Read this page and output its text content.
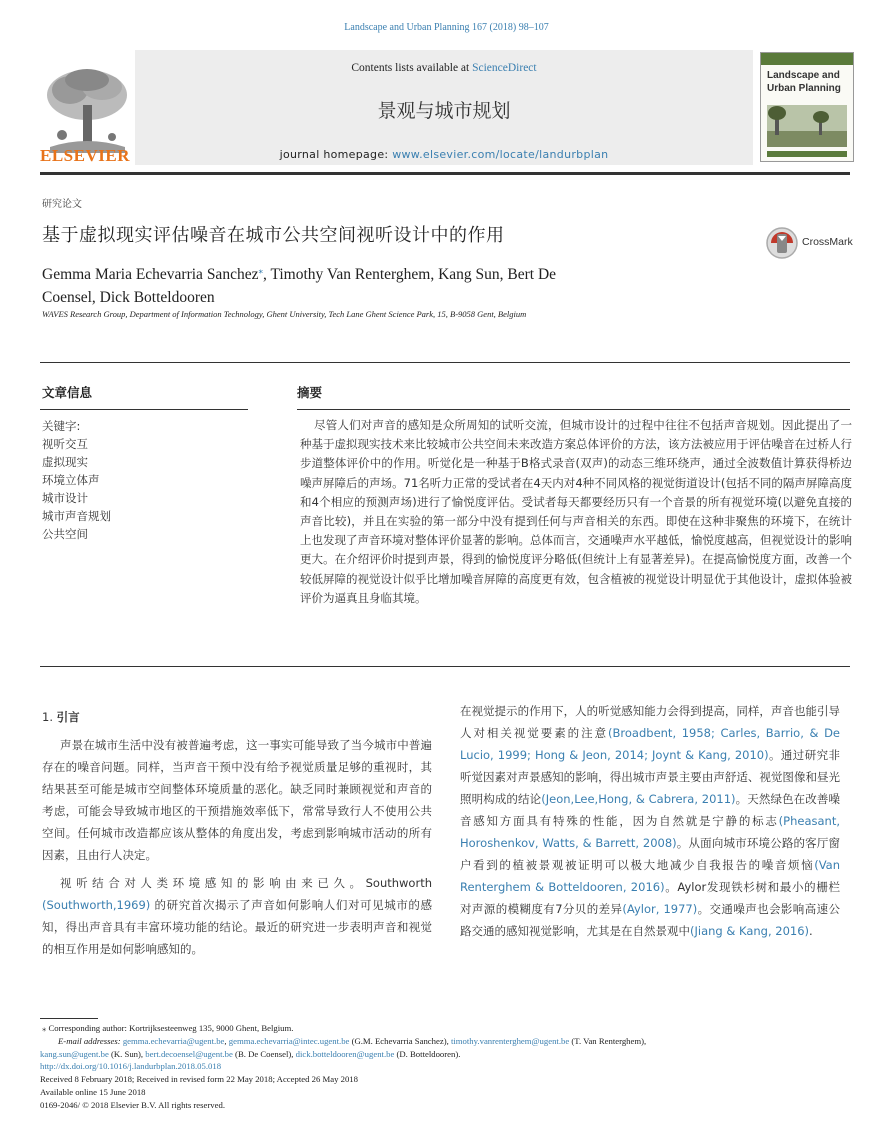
Landscape and Urban Planning 167 (2018) 98–107
Contents lists available at ScienceDirect
景观与城市规划
journal homepage: www.elsevier.com/locate/landurbplan
ELSEVIER
Landscape and Urban Planning
研究论文
基于虚拟现实评估噪音在城市公共空间视听设计中的作用	CrossMark
Gemma Maria Echevarria Sanchez⁎, Timothy Van Renterghem, Kang Sun, Bert De
Coensel, Dick Botteldooren
WAVES Research Group, Department of Information Technology, Ghent University, Tech Lane Ghent Science Park, 15, B-9058 Gent, Belgium
文章信息
关键字:
视听交互
虚拟现实
环境立体声
城市设计
城市声音规划
公共空间
摘要
尽管人们对声音的感知是众所周知的试听交流，但城市设计的过程中往往不包括声音规划。因此提出了一种基于虚拟现实技术来比较城市公共空间未来改造方案总体评价的方法，该方法被应用于评估噪音在过桥人行步道整体评价中的作用。听觉化是一种基于B格式录音(双声)的动态三维环绕声，通过全波数值计算获得桥边噪声屏障后的声场。71名听力正常的受试者在4天内对4种不同风格的视觉街道设计(包括不同的隔声屏障高度和4个相应的预测声场)进行了愉悦度评估。受试者每天都要经历只有一个音景的所有视觉环境(以避免直接的声音比较)，并且在实验的第一部分中没有提到任何与声音相关的东西。即使在这种非聚焦的环境下，在统计上也发现了声音环境对整体评价显著的影响。总体而言，交通噪声水平越低，愉悦度越高，但视觉设计的影响更大。在介绍评价时提到声景，得到的愉悦度评分略低(但统计上有显著差异)。在提高愉悦度方面，改善一个较低屏障的视觉设计似乎比增加噪音屏障的高度更有效，包含植被的视觉设计明显优于其他设计，虚拟体验被评价为逼真且身临其境。
1. 引言

声景在城市生活中没有被普遍考虑，这一事实可能导致了当今城市中普遍存在的噪音问题。同样，当声音干预中没有给予视觉质量足够的重视时，其结果甚至可能是城市空间整体环境质量的恶化。缺乏同时兼顾视觉和声音的考虑，可能会导致城市地区的干预措施效率低下，常常导致行人不使用公共空间。任何城市改造都应该从整体的角度出发，考虑到影响城市活动的所有因素，且由行人决定。

视听结合对人类环境感知的影响由来已久。Southworth (Southworth,1969) 的研究首次揭示了声音如何影响人们对可见城市的感知，得出声音具有丰富环境功能的结论。最近的研究进一步表明声音和视觉的相互作用是如何影响感知的。

在视觉提示的作用下，人的听觉感知能力会得到提高，同样，声音也能引导人对相关视觉要素的注意(Broadbent, 1958; Carles, Barrio, & De Lucio, 1999; Hong & Jeon, 2014; Joynt & Kang, 2010)。通过研究非听觉因素对声景感知的影响，得出城市声景主要由声舒适、视觉图像和昼光照明构成的结论(Jeon,Lee,Hong, & Cabrera, 2011)。天然绿色在改善噪音感知方面具有特殊的性能，因为自然就是宁静的标志(Pheasant, Horoshenkov, Watts, & Barrett, 2008)。从面向城市环境公路的客厅窗户看到的植被景观被证明可以极大地减少自我报告的噪音烦恼(Van Renterghem & Botteldooren, 2016)。Aylor发现铁杉树和最小的栅栏对声源的模糊度有7分贝的差异(Aylor, 1977)。交通噪声也会影响高速公路交通的感知视觉影响，尤其是在自然景观中(Jiang & Kang, 2016).

⁎ Corresponding author: Kortrijksesteenweg 135, 9000 Ghent, Belgium.
E-mail addresses: gemma.echevarria@ugent.be, gemma.echevarria@intec.ugent.be (G.M. Echevarria Sanchez), timothy.vanrenterghem@ugent.be (T. Van Renterghem),
kang.sun@ugent.be (K. Sun), bert.decoensel@ugent.be (B. De Coensel), dick.botteldooren@ugent.be (D. Botteldooren).
http://dx.doi.org/10.1016/j.landurbplan.2018.05.018
Received 8 February 2018; Received in revised form 22 May 2018; Accepted 26 May 2018
Available online 15 June 2018
0169-2046/ © 2018 Elsevier B.V. All rights reserved.
